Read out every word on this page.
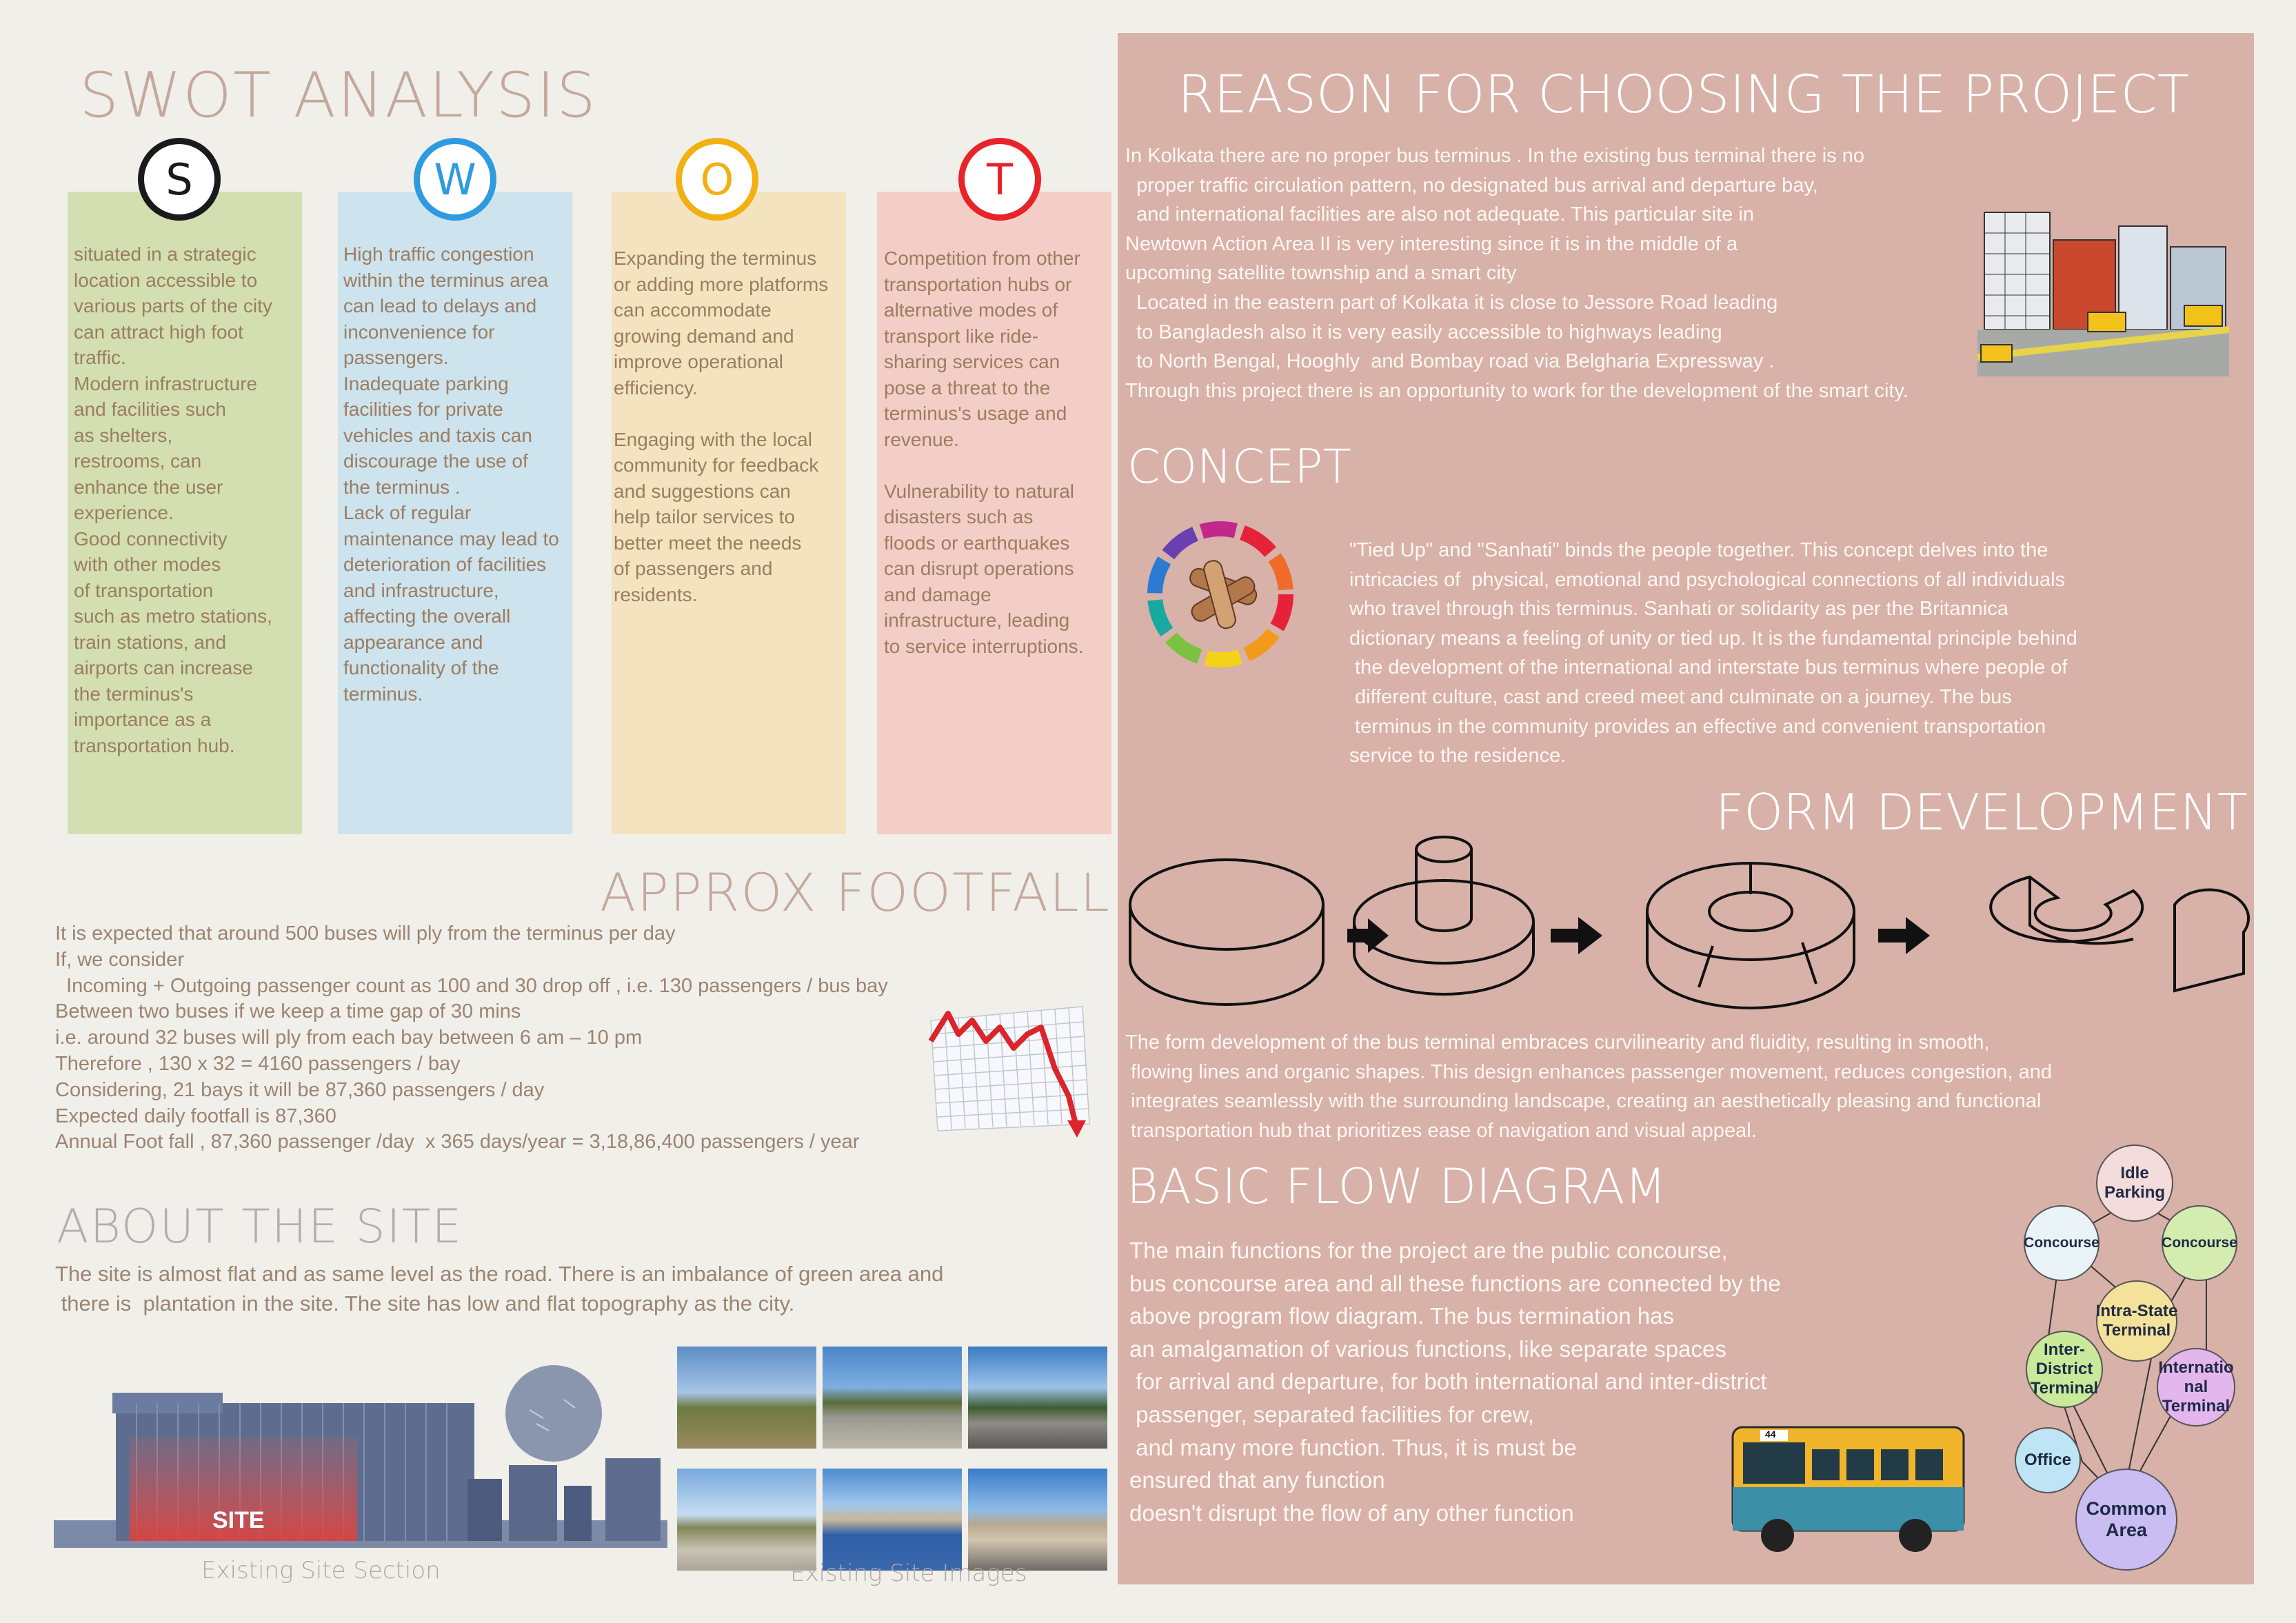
SWOT ANALYSIS
S	W	O	T
situated in a strategic
location accessible to
various parts of the city
can attract high foot
traffic.
Modern infrastructure
and facilities such
as shelters,
restrooms, can
enhance the user
experience.
Good connectivity
with other modes
of transportation
such as metro stations,
train stations, and
airports can increase
the terminus's
importance as a
transportation hub.
High traffic congestion
within the terminus area
can lead to delays and
inconvenience for
passengers.
Inadequate parking
facilities for private
vehicles and taxis can
discourage the use of
the terminus .
Lack of regular
maintenance may lead to
deterioration of facilities
and infrastructure,
affecting the overall
appearance and
functionality of the
terminus.
Expanding the terminus
or adding more platforms
can accommodate
growing demand and
improve operational
efficiency.

Engaging with the local
community for feedback
and suggestions can
help tailor services to
better meet the needs
of passengers and
residents.
Competition from other
transportation hubs or
alternative modes of
transport like ride-
sharing services can
pose a threat to the
terminus's usage and
revenue.

Vulnerability to natural
disasters such as
floods or earthquakes
can disrupt operations
and damage
infrastructure, leading
to service interruptions.
APPROX FOOTFALL
It is expected that around 500 buses will ply from the terminus per day
If, we consider
Incoming + Outgoing passenger count as 100 and 30 drop off , i.e. 130 passengers / bus bay
Between two buses if we keep a time gap of 30 mins
i.e. around 32 buses will ply from each bay between 6 am – 10 pm
Therefore , 130 x 32 = 4160 passengers / bay
Considering, 21 bays it will be 87,360 passengers / day
Expected daily footfall is 87,360
Annual Foot fall , 87,360 passenger /day  x 365 days/year = 3,18,86,400 passengers / year
ABOUT THE SITE
The site is almost flat and as same level as the road. There is an imbalance of green area and
there is  plantation in the site. The site has low and flat topography as the city.
SITE
Existing Site Section	Existing Site Images
REASON FOR CHOOSING THE PROJECT
In Kolkata there are no proper bus terminus . In the existing bus terminal there is no
proper traffic circulation pattern, no designated bus arrival and departure bay,
and international facilities are also not adequate. This particular site in
Newtown Action Area II is very interesting since it is in the middle of a
upcoming satellite township and a smart city
Located in the eastern part of Kolkata it is close to Jessore Road leading
to Bangladesh also it is very easily accessible to highways leading
to North Bengal, Hooghly  and Bombay road via Belgharia Expressway .
Through this project there is an opportunity to work for the development of the smart city.
CONCEPT
"Tied Up" and "Sanhati" binds the people together. This concept delves into the
intricacies of  physical, emotional and psychological connections of all individuals
who travel through this terminus. Sanhati or solidarity as per the Britannica
dictionary means a feeling of unity or tied up. It is the fundamental principle behind
the development of the international and interstate bus terminus where people of
different culture, cast and creed meet and culminate on a journey. The bus
terminus in the community provides an effective and convenient transportation
service to the residence.
FORM DEVELOPMENT
The form development of the bus terminal embraces curvilinearity and fluidity, resulting in smooth,
flowing lines and organic shapes. This design enhances passenger movement, reduces congestion, and
integrates seamlessly with the surrounding landscape, creating an aesthetically pleasing and functional
transportation hub that prioritizes ease of navigation and visual appeal.
BASIC FLOW DIAGRAM
The main functions for the project are the public concourse,
bus concourse area and all these functions are connected by the
above program flow diagram. The bus termination has
an amalgamation of various functions, like separate spaces
for arrival and departure, for both international and inter-district
passenger, separated facilities for crew,
and many more function. Thus, it is must be
ensured that any function
doesn't disrupt the flow of any other function
44
Idle
Parking
Concourse	Concourse
Intra-State
Terminal
Inter-
District
Terminal
Internatio
nal
Terminal
Office
Common
Area
